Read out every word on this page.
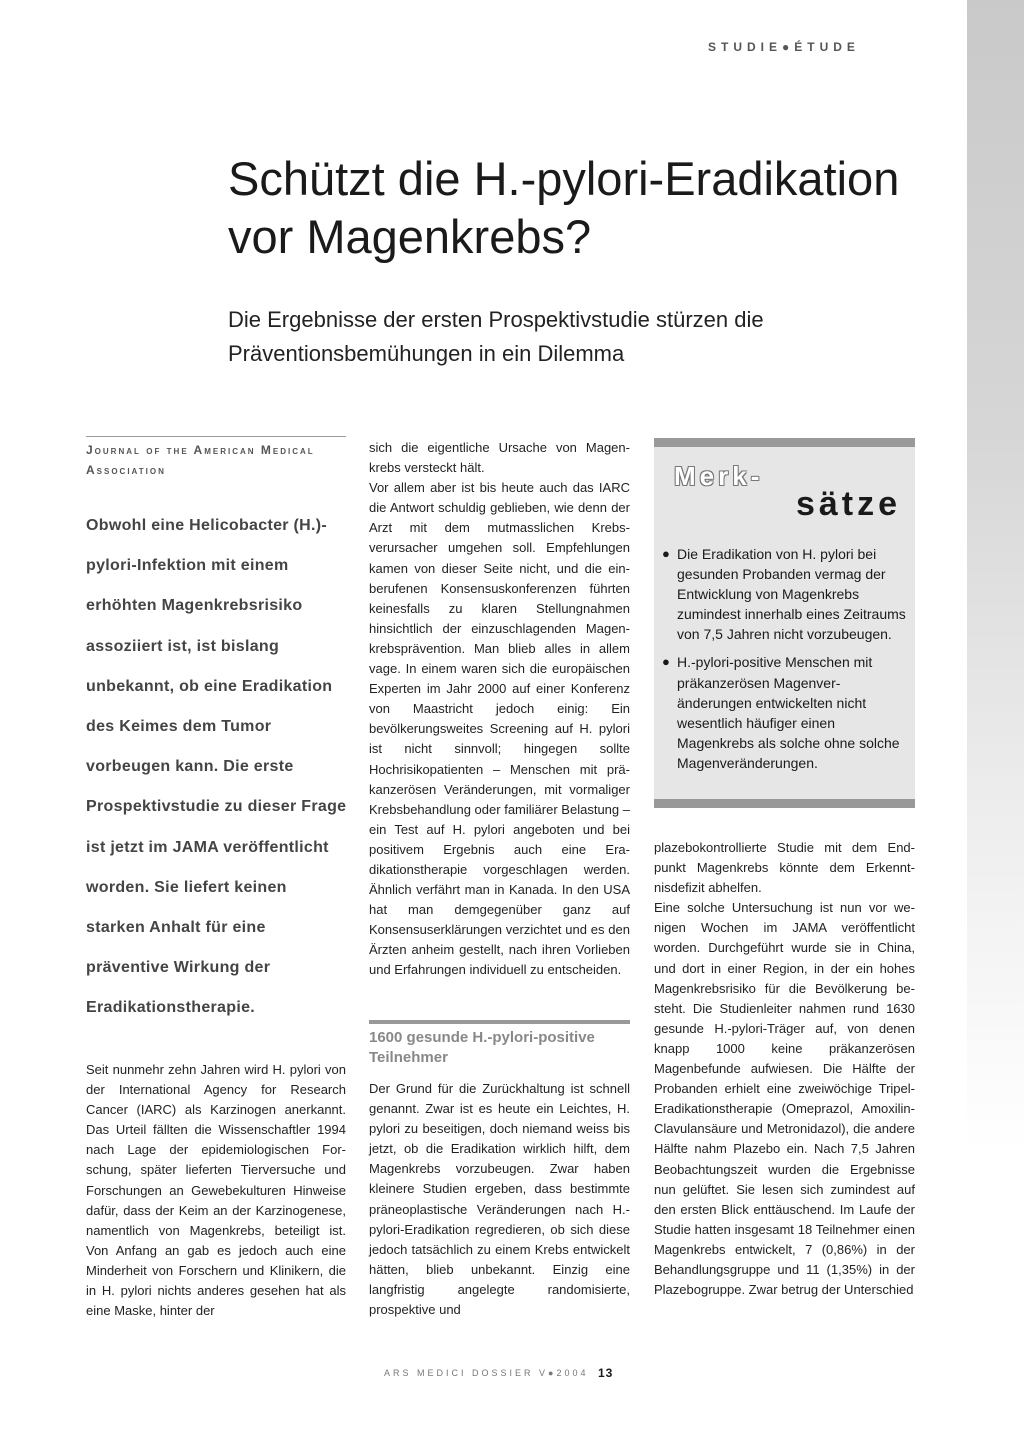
STUDIE●ÉTUDE
Schützt die H.-pylori-Eradikation vor Magenkrebs?
Die Ergebnisse der ersten Prospektivstudie stürzen die Präventionsbemühungen in ein Dilemma
Journal of the American Medical Association
Obwohl eine Helicobacter (H.)-pylori-Infektion mit einem erhöhten Magenkrebsrisiko assoziiert ist, ist bislang unbekannt, ob eine Eradikation des Keimes dem Tumor vorbeugen kann. Die erste Prospektivstudie zu dieser Frage ist jetzt im JAMA veröffentlicht worden. Sie liefert keinen starken Anhalt für eine präventive Wirkung der Eradikationstherapie.

Seit nunmehr zehn Jahren wird H. pylori von der International Agency for Research Cancer (IARC) als Karzinogen anerkannt. Das Urteil fällten die Wissenschaftler 1994 nach Lage der epidemiologischen Forschung, später lieferten Tierversuche und Forschungen an Gewebekulturen Hinweise dafür, dass der Keim an der Karzinogenese, namentlich von Magenkrebs, beteiligt ist. Von Anfang an gab es jedoch auch eine Minderheit von Forschern und Klinikern, die in H. pylori nichts anderes gesehen hat als eine Maske, hinter der

sich die eigentliche Ursache von Magenkrebs versteckt hält.

Vor allem aber ist bis heute auch das IARC die Antwort schuldig geblieben, wie denn der Arzt mit dem mutmasslichen Krebsverursacher umgehen soll. Empfehlungen kamen von dieser Seite nicht, und die einberufenen Konsensuskonferenzen führten keinesfalls zu klaren Stellungnahmen hinsichtlich der einzuschlagenden Magenkrebsprävention. Man blieb alles in allem vage. In einem waren sich die europäischen Experten im Jahr 2000 auf einer Konferenz von Maastricht jedoch einig: Ein bevölkerungsweites Screening auf H. pylori ist nicht sinnvoll; hingegen sollte Hochrisikopatienten – Menschen mit präkanzerösen Veränderungen, mit vormaliger Krebsbehandlung oder familiärer Belastung – ein Test auf H. pylori angeboten und bei positivem Ergebnis auch eine Eradikationstherapie vorgeschlagen werden. Ähnlich verfährt man in Kanada. In den USA hat man demgegenüber ganz auf Konsensuserklärungen verzichtet und es den Ärzten anheim gestellt, nach ihren Vorlieben und Erfahrungen individuell zu entscheiden.

1600 gesunde H.-pylori-positive Teilnehmer

Der Grund für die Zurückhaltung ist schnell genannt. Zwar ist es heute ein Leichtes, H. pylori zu beseitigen, doch niemand weiss bis jetzt, ob die Eradikation wirklich hilft, dem Magenkrebs vorzubeugen. Zwar haben kleinere Studien ergeben, dass bestimmte präneoplastische Veränderungen nach H.-pylori-Eradikation regredieren, ob sich diese jedoch tatsächlich zu einem Krebs entwickelt hätten, blieb unbekannt. Einzig eine langfristig angelegte randomisierte, prospektive und

Merk-
sätze
● Die Eradikation von H. pylori bei gesunden Probanden vermag der Entwicklung von Magenkrebs zumindest innerhalb eines Zeitraums von 7,5 Jahren nicht vorzubeugen.
● H.-pylori-positive Menschen mit präkanzerösen Magenveränderungen entwickelten nicht wesentlich häufiger einen Magenkrebs als solche ohne solche Magenveränderungen.

plazebokontrollierte Studie mit dem Endpunkt Magenkrebs könnte dem Erkenntnisdefizit abhelfen.

Eine solche Untersuchung ist nun vor wenigen Wochen im JAMA veröffentlicht worden. Durchgeführt wurde sie in China, und dort in einer Region, in der ein hohes Magenkrebsrisiko für die Bevölkerung besteht. Die Studienleiter nahmen rund 1630 gesunde H.-pylori-Träger auf, von denen knapp 1000 keine präkanzerösen Magenbefunde aufwiesen. Die Hälfte der Probanden erhielt eine zweiwöchige Tripel-Eradikationstherapie (Omeprazol, Amoxilin-Clavulansäure und Metronidazol), die andere Hälfte nahm Plazebo ein. Nach 7,5 Jahren Beobachtungszeit wurden die Ergebnisse nun gelüftet. Sie lesen sich zumindest auf den ersten Blick enttäuschend. Im Laufe der Studie hatten insgesamt 18 Teilnehmer einen Magenkrebs entwickelt, 7 (0,86%) in der Behandlungsgruppe und 11 (1,35%) in der Plazebogruppe. Zwar betrug der Unterschied

ARS MEDICI DOSSIER V●2004 13
